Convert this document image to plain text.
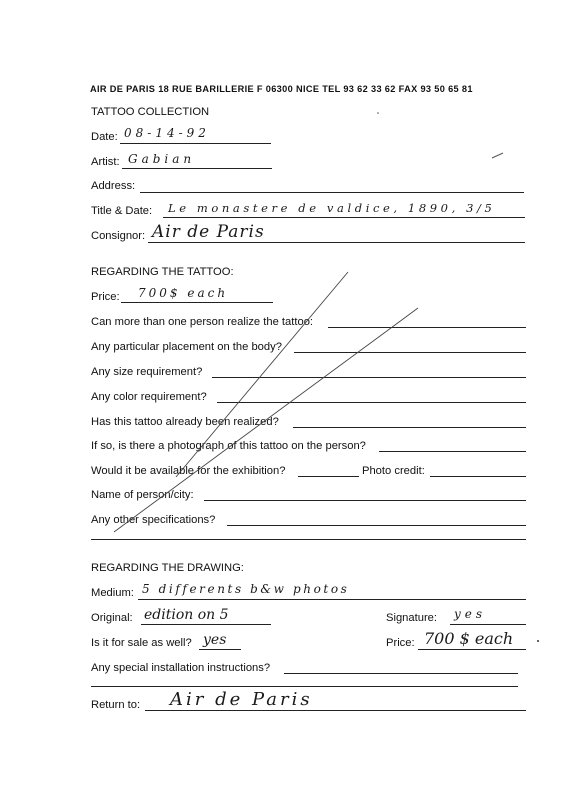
AIR DE PARIS 18 RUE BARILLERIE F 06300 NICE TEL 93 62 33 62 FAX 93 50 65 81
TATTOO COLLECTION
Date: 08-14-92
Artist: Gabian
Address:
Title & Date: Le monastere de valdice, 1890, 3/5
Consignor: Air de Paris
REGARDING THE TATTOO:
Price: 700$ each
Can more than one person realize the tattoo:
Any particular placement on the body?
Any size requirement?
Any color requirement?
Has this tattoo already been realized?
If so, is there a photograph of this tattoo on the person?
Would it be available for the exhibition?	Photo credit:
Name of person/city:
Any other specifications?
REGARDING THE DRAWING:
Medium: 5 differents b&w photos
Original: edition on 5	Signature: yes
Is it for sale as well? yes	Price: 700 $ each
Any special installation instructions?
Return to: Air de Paris
